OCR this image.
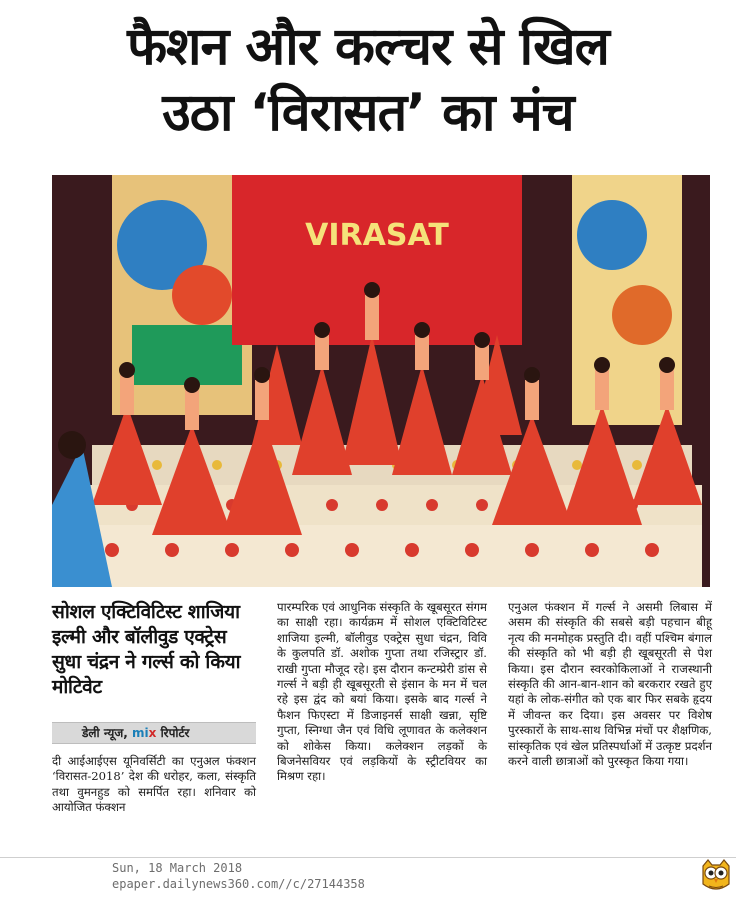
फैशन और कल्चर से खिल
उठा ‘विरासत’ का मंच
VIRASAT
सोशल एक्टिविटिस्ट शाजिया इल्मी और बॉलीवुड एक्ट्रेस सुधा चंद्रन ने गर्ल्स को किया मोटिवेट
डेली न्यूज, mix रिपोर्टर
दी आईआईएस यूनिवर्सिटी का एनुअल फंक्शन ‘विरासत-2018’ देश की धरोहर, कला, संस्कृति तथा वुमनहुड को समर्पित रहा। शनिवार को आयोजित फंक्शन
पारम्परिक एवं आधुनिक संस्कृति के खूबसूरत संगम का साक्षी रहा। कार्यक्रम में सोशल एक्टिविटिस्ट शाजिया इल्मी, बॉलीवुड एक्ट्रेस सुधा चंद्रन, विवि के कुलपति डॉ. अशोक गुप्ता तथा रजिस्ट्रार डॉ. राखी गुप्ता मौजूद रहे। इस दौरान कन्टम्प्रेरी डांस से गर्ल्स ने बड़ी ही खूबसूरती से इंसान के मन में चल रहे इस द्वंद को बयां किया। इसके बाद गर्ल्स ने फैशन फिएस्टा में डिजाइनर्स साक्षी खन्ना, सृष्टि गुप्ता, स्निग्धा जैन एवं विधि लूणावत के कलेक्शन को शोकेस किया। कलेक्शन लड़कों के बिजनेसवियर एवं लड़कियों के स्ट्रीटवियर का मिश्रण रहा।
एनुअल फंक्शन में गर्ल्स ने असमी लिबास में असम की संस्कृति की सबसे बड़ी पहचान बीहू नृत्य की मनमोहक प्रस्तुति दी। वहीं पश्चिम बंगाल की संस्कृति को भी बड़ी ही खूबसूरती से पेश किया। इस दौरान स्वरकोकिलाओं ने राजस्थानी संस्कृति की आन-बान-शान को बरकरार रखते हुए यहां के लोक-संगीत को एक बार फिर सबके हृदय में जीवन्त कर दिया। इस अवसर पर विशेष पुरस्कारों के साथ-साथ विभिन्न मंचों पर शैक्षणिक, सांस्कृतिक एवं खेल प्रतिस्पर्धाओं में उत्कृष्ट प्रदर्शन करने वाली छात्राओं को पुरस्कृत किया गया।
Sun, 18 March 2018
epaper.dailynews360.com//c/27144358
